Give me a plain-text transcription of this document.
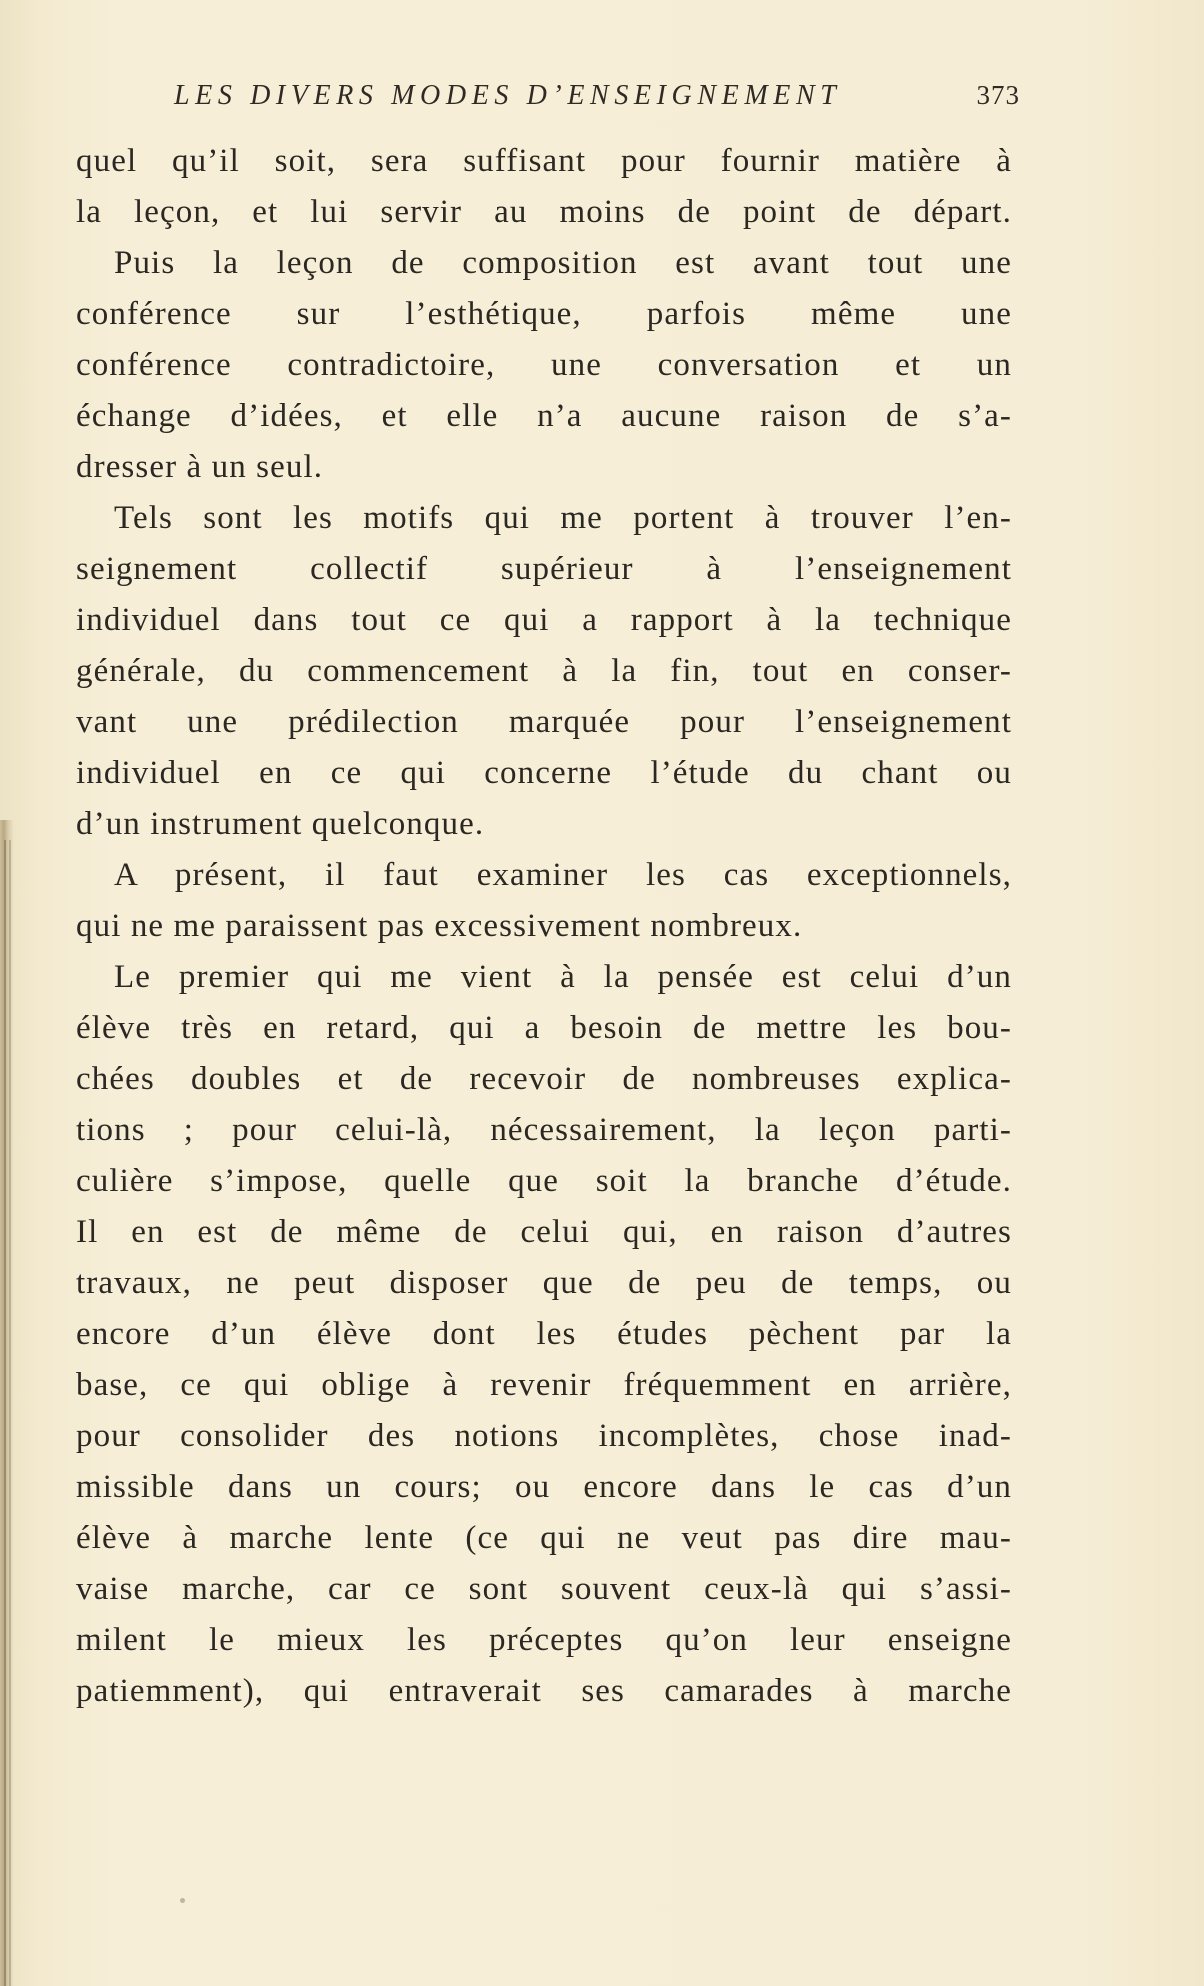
LES DIVERS MODES D’ENSEIGNEMENT	373
quel qu’il soit, sera suffisant pour fournir matière à
la leçon, et lui servir au moins de point de départ.
Puis la leçon de composition est avant tout une
conférence sur l’esthétique, parfois même une
conférence contradictoire, une conversation et un
échange d’idées, et elle n’a aucune raison de s’a-
dresser à un seul.
Tels sont les motifs qui me portent à trouver l’en-
seignement collectif supérieur à l’enseignement
individuel dans tout ce qui a rapport à la technique
générale, du commencement à la fin, tout en conser-
vant une prédilection marquée pour l’enseignement
individuel en ce qui concerne l’étude du chant ou
d’un instrument quelconque.
A présent, il faut examiner les cas exceptionnels,
qui ne me paraissent pas excessivement nombreux.
Le premier qui me vient à la pensée est celui d’un
élève très en retard, qui a besoin de mettre les bou-
chées doubles et de recevoir de nombreuses explica-
tions ; pour celui-là, nécessairement, la leçon parti-
culière s’impose, quelle que soit la branche d’étude.
Il en est de même de celui qui, en raison d’autres
travaux, ne peut disposer que de peu de temps, ou
encore d’un élève dont les études pèchent par la
base, ce qui oblige à revenir fréquemment en arrière,
pour consolider des notions incomplètes, chose inad-
missible dans un cours; ou encore dans le cas d’un
élève à marche lente (ce qui ne veut pas dire mau-
vaise marche, car ce sont souvent ceux-là qui s’assi-
milent le mieux les préceptes qu’on leur enseigne
patiemment), qui entraverait ses camarades à marche
